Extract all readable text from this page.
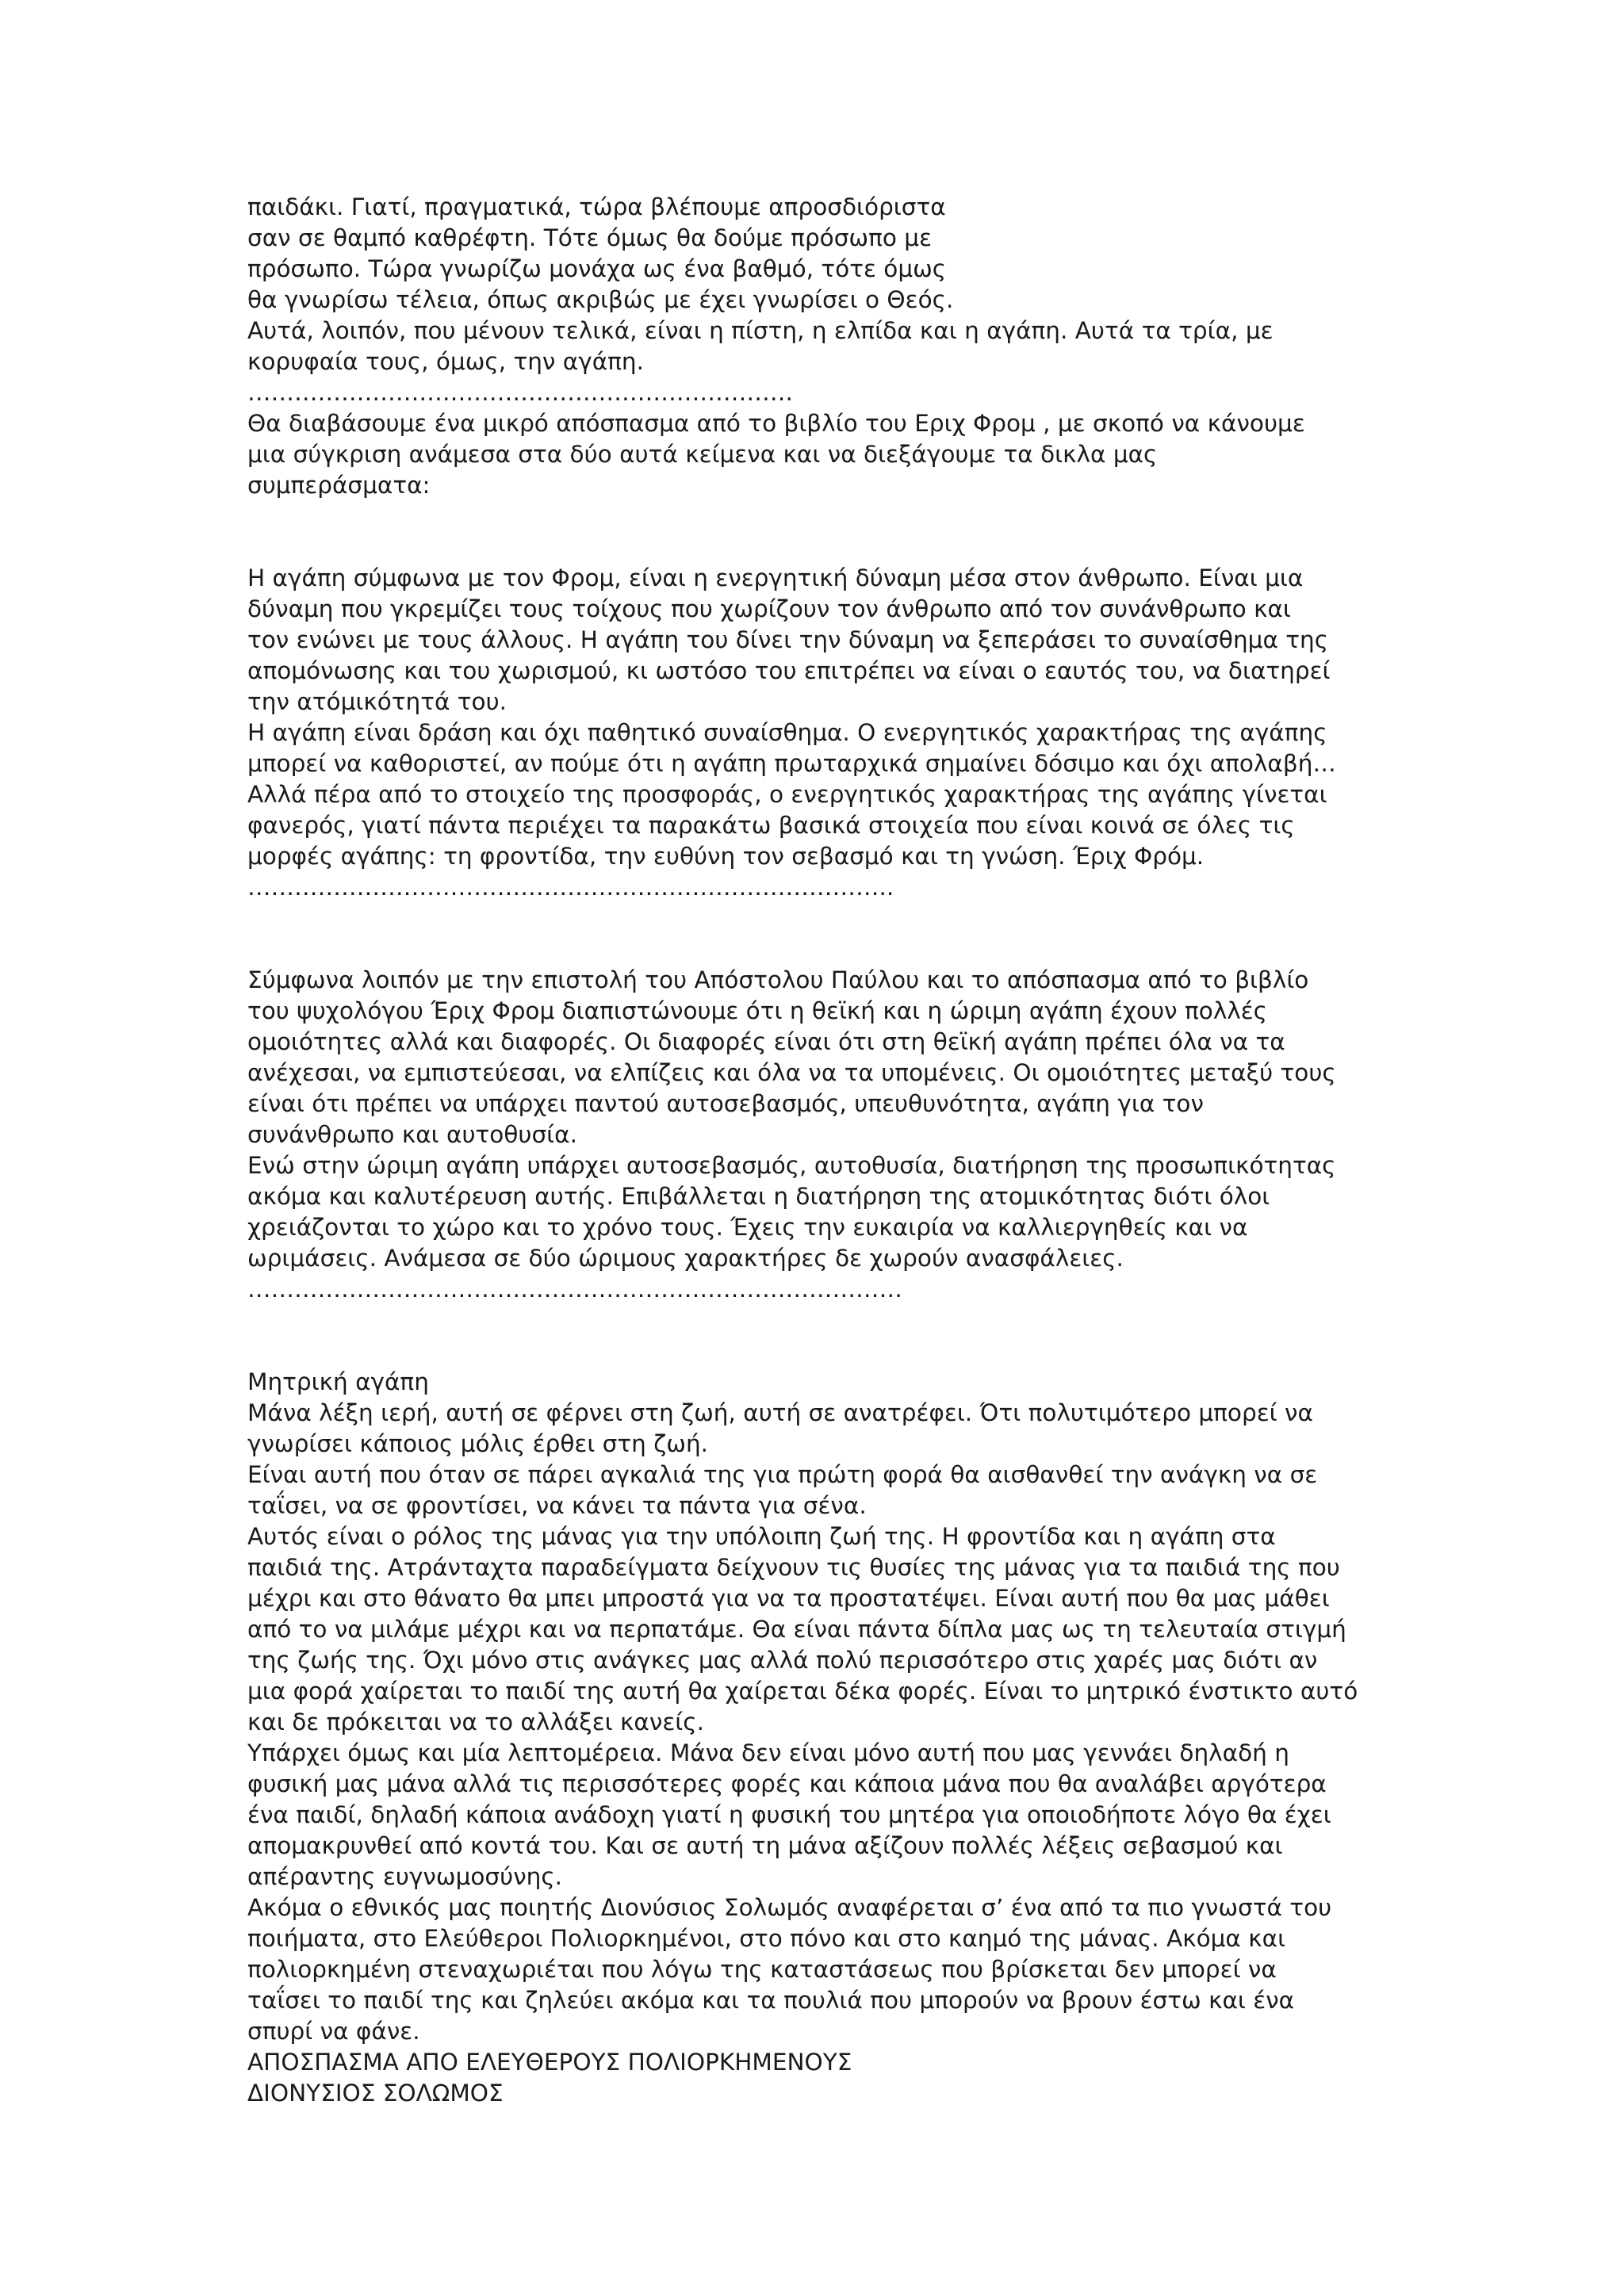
παιδάκι. Γιατί, πραγματικά, τώρα βλέπουμε απροσδιόριστα
σαν σε θαμπό καθρέφτη. Τότε όμως θα δούμε πρόσωπο με
πρόσωπο. Τώρα γνωρίζω μονάχα ως ένα βαθμό, τότε όμως
θα γνωρίσω τέλεια, όπως ακριβώς με έχει γνωρίσει ο Θεός.
Αυτά, λοιπόν, που μένουν τελικά, είναι η πίστη, η ελπίδα και η αγάπη. Αυτά τα τρία, με
κορυφαία τους, όμως, την αγάπη.
…………………………………………………………….
Θα διαβάσουμε ένα μικρό απόσπασμα από το βιβλίο του Εριχ Φρομ , με σκοπό να κάνουμε
μια σύγκριση ανάμεσα στα δύο αυτά κείμενα και να διεξάγουμε τα δικλα μας
συμπεράσματα:
Η αγάπη σύμφωνα με τον Φρομ, είναι η ενεργητική δύναμη μέσα στον άνθρωπο. Είναι μια
δύναμη που γκρεμίζει τους τοίχους που χωρίζουν τον άνθρωπο από τον συνάνθρωπο και
τον ενώνει με τους άλλους. Η αγάπη του δίνει την δύναμη να ξεπεράσει το συναίσθημα της
απομόνωσης και του χωρισμού, κι ωστόσο του επιτρέπει να είναι ο εαυτός του, να διατηρεί
την ατόμικότητά του.
Η αγάπη είναι δράση και όχι παθητικό συναίσθημα. Ο ενεργητικός χαρακτήρας της αγάπης
μπορεί να καθοριστεί, αν πούμε ότι η αγάπη πρωταρχικά σημαίνει δόσιμο και όχι απολαβή…
Αλλά πέρα από το στοιχείο της προσφοράς, ο ενεργητικός χαρακτήρας της αγάπης γίνεται
φανερός, γιατί πάντα περιέχει τα παρακάτω βασικά στοιχεία που είναι κοινά σε όλες τις
μορφές αγάπης: τη φροντίδα, την ευθύνη τον σεβασμό και τη γνώση. Έριχ Φρόμ.
………………………………………………………………………..
Σύμφωνα λοιπόν με την επιστολή του Απόστολου Παύλου και το απόσπασμα από το βιβλίο
του ψυχολόγου Έριχ Φρομ διαπιστώνουμε ότι η θεϊκή και η ώριμη αγάπη έχουν πολλές
ομοιότητες αλλά και διαφορές. Οι διαφορές είναι ότι στη θεϊκή αγάπη πρέπει όλα να τα
ανέχεσαι, να εμπιστεύεσαι, να ελπίζεις και όλα να τα υπομένεις. Οι ομοιότητες μεταξύ τους
είναι ότι πρέπει να υπάρχει παντού αυτοσεβασμός, υπευθυνότητα, αγάπη για τον
συνάνθρωπο και αυτοθυσία.
Ενώ στην ώριμη αγάπη υπάρχει αυτοσεβασμός, αυτοθυσία, διατήρηση της προσωπικότητας
ακόμα και καλυτέρευση αυτής. Επιβάλλεται η διατήρηση της ατομικότητας διότι όλοι
χρειάζονται το χώρο και το χρόνο τους. Έχεις την ευκαιρία να καλλιεργηθείς και να
ωριμάσεις. Ανάμεσα σε δύο ώριμους χαρακτήρες δε χωρούν ανασφάλειες.
…………………………………………………………………………
Μητρική αγάπη
Μάνα λέξη ιερή, αυτή σε φέρνει στη ζωή, αυτή σε ανατρέφει. Ότι πολυτιμότερο μπορεί να
γνωρίσει κάποιος μόλις έρθει στη ζωή.
Είναι αυτή που όταν σε πάρει αγκαλιά της για πρώτη φορά θα αισθανθεί την ανάγκη να σε
ταΐσει, να σε φροντίσει, να κάνει τα πάντα για σένα.
Αυτός είναι ο ρόλος της μάνας για την υπόλοιπη ζωή της. Η φροντίδα και η αγάπη στα
παιδιά της. Ατράνταχτα παραδείγματα δείχνουν τις θυσίες της μάνας για τα παιδιά της που
μέχρι και στο θάνατο θα μπει μπροστά για να τα προστατέψει. Είναι αυτή που θα μας μάθει
από το να μιλάμε μέχρι και να περπατάμε. Θα είναι πάντα δίπλα μας ως τη τελευταία στιγμή
της ζωής της. Όχι μόνο στις ανάγκες μας αλλά πολύ περισσότερο στις χαρές μας διότι αν
μια φορά χαίρεται το παιδί της αυτή θα χαίρεται δέκα φορές. Είναι το μητρικό ένστικτο αυτό
και δε πρόκειται να το αλλάξει κανείς.
Υπάρχει όμως και μία λεπτομέρεια. Μάνα δεν είναι μόνο αυτή που μας γεννάει δηλαδή η
φυσική μας μάνα αλλά τις περισσότερες φορές και κάποια μάνα που θα αναλάβει αργότερα
ένα παιδί, δηλαδή κάποια ανάδοχη γιατί η φυσική του μητέρα για οποιοδήποτε λόγο θα έχει
απομακρυνθεί από κοντά του. Και σε αυτή τη μάνα αξίζουν πολλές λέξεις σεβασμού και
απέραντης ευγνωμοσύνης.
Ακόμα ο εθνικός μας ποιητής Διονύσιος Σολωμός αναφέρεται σ’ ένα από τα πιο γνωστά του
ποιήματα, στο Ελεύθεροι Πολιορκημένοι, στο πόνο και στο καημό της μάνας. Ακόμα και
πολιορκημένη στεναχωριέται που λόγω της καταστάσεως που βρίσκεται δεν μπορεί να
ταΐσει το παιδί της και ζηλεύει ακόμα και τα πουλιά που μπορούν να βρουν έστω και ένα
σπυρί να φάνε.
ΑΠΟΣΠΑΣΜΑ ΑΠΟ ΕΛΕΥΘΕΡΟΥΣ ΠΟΛΙΟΡΚΗΜΕΝΟΥΣ
ΔΙΟΝΥΣΙΟΣ ΣΟΛΩΜΟΣ
